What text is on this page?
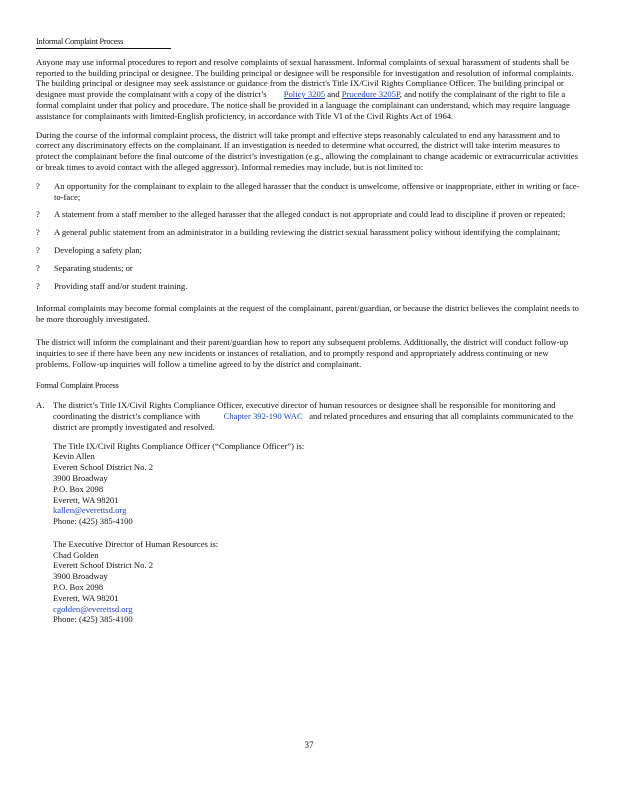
Informal Complaint Process

Anyone may use informal procedures to report and resolve complaints of sexual harassment. Informal complaints of sexual harassment of students shall be reported to the building principal or designee. The building principal or designee will be responsible for investigation and resolution of informal complaints. The building principal or designee may seek assistance or guidance from the district's Title IX/Civil Rights Compliance Officer. The building principal or designee must provide the complainant with a copy of the district’s Policy 3205 and Procedure 3205P, and notify the complainant of the right to file a formal complaint under that policy and procedure. The notice shall be provided in a language the complainant can understand, which may require language assistance for complainants with limited-English proficiency, in accordance with Title VI of the Civil Rights Act of 1964.

During the course of the informal complaint process, the district will take prompt and effective steps reasonably calculated to end any harassment and to correct any discriminatory effects on the complainant. If an investigation is needed to determine what occurred, the district will take interim measures to protect the complainant before the final outcome of the district’s investigation (e.g., allowing the complainant to change academic or extracurricular activities or break times to avoid contact with the alleged aggressor). Informal remedies may include, but is not limited to:

?	An opportunity for the complainant to explain to the alleged harasser that the conduct is unwelcome, offensive or inappropriate, either in writing or face-to-face;
?	A statement from a staff member to the alleged harasser that the alleged conduct is not appropriate and could lead to discipline if proven or repeated;
?	A general public statement from an administrator in a building reviewing the district sexual harassment policy without identifying the complainant;
?	Developing a safety plan;
?	Separating students; or
?	Providing staff and/or student training.

Informal complaints may become formal complaints at the request of the complainant, parent/guardian, or because the district believes the complaint needs to be more thoroughly investigated.

The district will inform the complainant and their parent/guardian how to report any subsequent problems. Additionally, the district will conduct follow-up inquiries to see if there have been any new incidents or instances of retaliation, and to promptly respond and appropriately address continuing or new problems. Follow-up inquiries will follow a timeline agreed to by the district and complainant.

Formal Complaint Process
A.	The district’s Title IX/Civil Rights Compliance Officer, executive director of human resources or designee shall be responsible for monitoring and coordinating the district’s compliance with	Chapter 392-190 WAC and related procedures and ensuring that all complaints communicated to the district are promptly investigated and resolved.
The Title IX/Civil Rights Compliance Officer (“Compliance Officer”) is:
Kevin Allen
Everett School District No. 2
3900 Broadway
P.O. Box 2098
Everett, WA 98201
kallen@everettsd.org
Phone: (425) 385-4100
The Executive Director of Human Resources is:
Chad Golden
Everett School District No. 2
3900 Broadway
P.O. Box 2098
Everett, WA 98201
cgolden@everettsd.org
Phone: (425) 385-4100
37
